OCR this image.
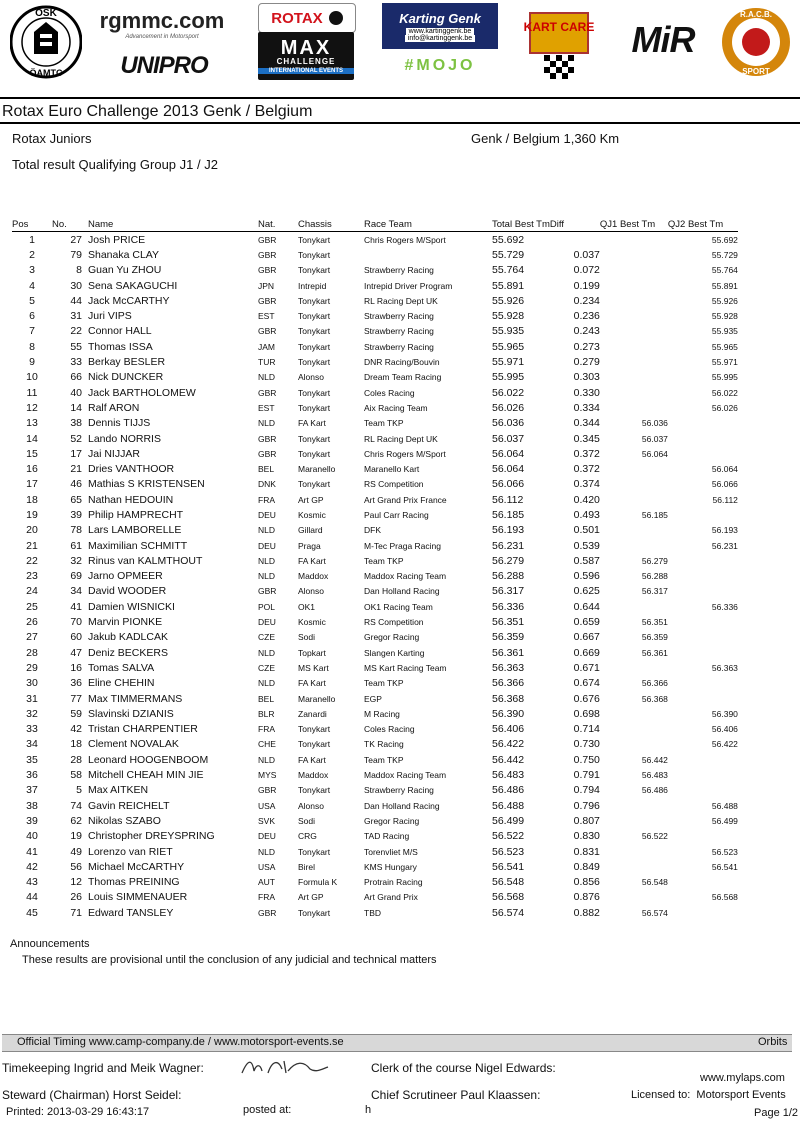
OSK
ÖAMTC
rgmmc.com
Advancement in Motorsport
UNIPRO
ROTAX
MAX
CHALLENGE
INTERNATIONAL EVENTS
Karting Genk
www.kartinggenk.be
info@kartinggenk.be
#MOJO
KART CARE MiR
R.A.C.B.
SPORT
Rotax Euro Challenge 2013 Genk / Belgium
Rotax Juniors	Genk / Belgium 1,360 Km
Total result Qualifying Group J1 / J2
Pos	No.	Name	Nat.	Chassis	Race Team	Total Best Tm	Diff	QJ1 Best Tm	QJ2 Best Tm
1	27	Josh PRICE	GBR	Tonykart	Chris Rogers M/Sport	55.692			55.692
2	79	Shanaka CLAY	GBR	Tonykart		55.729	0.037		55.729
3	8	Guan Yu ZHOU	GBR	Tonykart	Strawberry Racing	55.764	0.072		55.764
4	30	Sena SAKAGUCHI	JPN	Intrepid	Intrepid Driver Program	55.891	0.199		55.891
5	44	Jack McCARTHY	GBR	Tonykart	RL Racing Dept UK	55.926	0.234		55.926
6	31	Juri VIPS	EST	Tonykart	Strawberry Racing	55.928	0.236		55.928
7	22	Connor HALL	GBR	Tonykart	Strawberry Racing	55.935	0.243		55.935
8	55	Thomas ISSA	JAM	Tonykart	Strawberry Racing	55.965	0.273		55.965
9	33	Berkay BESLER	TUR	Tonykart	DNR Racing/Bouvin	55.971	0.279		55.971
10	66	Nick DUNCKER	NLD	Alonso	Dream Team Racing	55.995	0.303		55.995
11	40	Jack BARTHOLOMEW	GBR	Tonykart	Coles Racing	56.022	0.330		56.022
12	14	Ralf ARON	EST	Tonykart	Aix Racing Team	56.026	0.334		56.026
13	38	Dennis TIJJS	NLD	FA Kart	Team TKP	56.036	0.344	56.036	
14	52	Lando NORRIS	GBR	Tonykart	RL Racing Dept UK	56.037	0.345	56.037	
15	17	Jai NIJJAR	GBR	Tonykart	Chris Rogers M/Sport	56.064	0.372	56.064	
16	21	Dries VANTHOOR	BEL	Maranello	Maranello Kart	56.064	0.372		56.064
17	46	Mathias S KRISTENSEN	DNK	Tonykart	RS Competition	56.066	0.374		56.066
18	65	Nathan HEDOUIN	FRA	Art GP	Art Grand Prix France	56.112	0.420		56.112
19	39	Philip HAMPRECHT	DEU	Kosmic	Paul Carr Racing	56.185	0.493	56.185	
20	78	Lars LAMBORELLE	NLD	Gillard	DFK	56.193	0.501		56.193
21	61	Maximilian SCHMITT	DEU	Praga	M-Tec Praga Racing	56.231	0.539		56.231
22	32	Rinus van KALMTHOUT	NLD	FA Kart	Team TKP	56.279	0.587	56.279	
23	69	Jarno OPMEER	NLD	Maddox	Maddox Racing Team	56.288	0.596	56.288	
24	34	David WOODER	GBR	Alonso	Dan Holland Racing	56.317	0.625	56.317	
25	41	Damien WISNICKI	POL	OK1	OK1 Racing Team	56.336	0.644		56.336
26	70	Marvin PIONKE	DEU	Kosmic	RS Competition	56.351	0.659	56.351	
27	60	Jakub KADLCAK	CZE	Sodi	Gregor Racing	56.359	0.667	56.359	
28	47	Deniz BECKERS	NLD	Topkart	Slangen Karting	56.361	0.669	56.361	
29	16	Tomas SALVA	CZE	MS Kart	MS Kart Racing Team	56.363	0.671		56.363
30	36	Eline CHEHIN	NLD	FA Kart	Team TKP	56.366	0.674	56.366	
31	77	Max TIMMERMANS	BEL	Maranello	EGP	56.368	0.676	56.368	
32	59	Slavinski DZIANIS	BLR	Zanardi	M Racing	56.390	0.698		56.390
33	42	Tristan CHARPENTIER	FRA	Tonykart	Coles Racing	56.406	0.714		56.406
34	18	Clement NOVALAK	CHE	Tonykart	TK Racing	56.422	0.730		56.422
35	28	Leonard HOOGENBOOM	NLD	FA Kart	Team TKP	56.442	0.750	56.442	
36	58	Mitchell CHEAH MIN JIE	MYS	Maddox	Maddox Racing Team	56.483	0.791	56.483	
37	5	Max AITKEN	GBR	Tonykart	Strawberry Racing	56.486	0.794	56.486	
38	74	Gavin REICHELT	USA	Alonso	Dan Holland Racing	56.488	0.796		56.488
39	62	Nikolas SZABO	SVK	Sodi	Gregor Racing	56.499	0.807		56.499
40	19	Christopher DREYSPRING	DEU	CRG	TAD Racing	56.522	0.830	56.522	
41	49	Lorenzo van RIET	NLD	Tonykart	Torenvliet M/S	56.523	0.831		56.523
42	56	Michael McCARTHY	USA	Birel	KMS Hungary	56.541	0.849		56.541
43	12	Thomas PREINING	AUT	Formula K	Protrain Racing	56.548	0.856	56.548	
44	26	Louis SIMMENAUER	FRA	Art GP	Art Grand Prix	56.568	0.876		56.568
45	71	Edward TANSLEY	GBR	Tonykart	TBD	56.574	0.882	56.574	
Announcements
These results are provisional until the conclusion of any judicial and technical matters
Official Timing www.camp-company.de / www.motorsport-events.se	Orbits
Timekeeping Ingrid and Meik Wagner:	Clerk of the course Nigel Edwards:
www.mylaps.com
Steward (Chairman) Horst Seidel:	Chief Scrutineer Paul Klaassen:	Licensed to:  Motorsport Events
Printed: 2013-03-29 16:43:17	posted at:	h	Page 1/2
